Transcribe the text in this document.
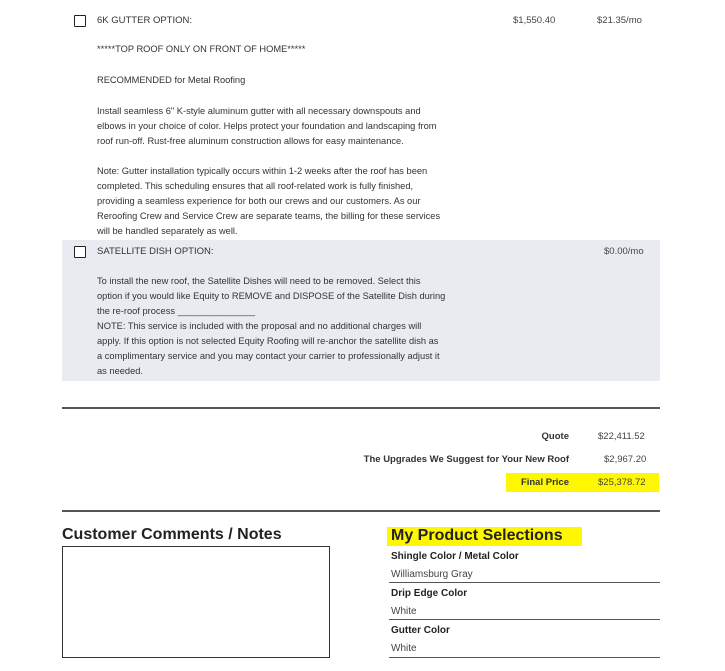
6K GUTTER OPTION:	$1,550.40	$21.35/mo
*****TOP ROOF ONLY ON FRONT OF HOME*****
RECOMMENDED for Metal Roofing
Install seamless 6" K-style aluminum gutter with all necessary downspouts and
elbows in your choice of color. Helps protect your foundation and landscaping from
roof run-off. Rust-free aluminum construction allows for easy maintenance.
Note: Gutter installation typically occurs within 1-2 weeks after the roof has been
completed. This scheduling ensures that all roof-related work is fully finished,
providing a seamless experience for both our crews and our customers. As our
Reroofing Crew and Service Crew are separate teams, the billing for these services
will be handled separately as well.
SATELLITE DISH OPTION:	$0.00/mo
To install the new roof, the Satellite Dishes will need to be removed. Select this
option if you would like Equity to REMOVE and DISPOSE of the Satellite Dish during
the re-roof process _______________
NOTE: This service is included with the proposal and no additional charges will
apply. If this option is not selected Equity Roofing will re-anchor the satellite dish as
a complimentary service and you may contact your carrier to professionally adjust it
as needed.
Quote	$22,411.52
The Upgrades We Suggest for Your New Roof	$2,967.20
Final Price	$25,378.72
Customer Comments / Notes	My Product Selections
Shingle Color / Metal Color
Williamsburg Gray
Drip Edge Color
White
Gutter Color
White
